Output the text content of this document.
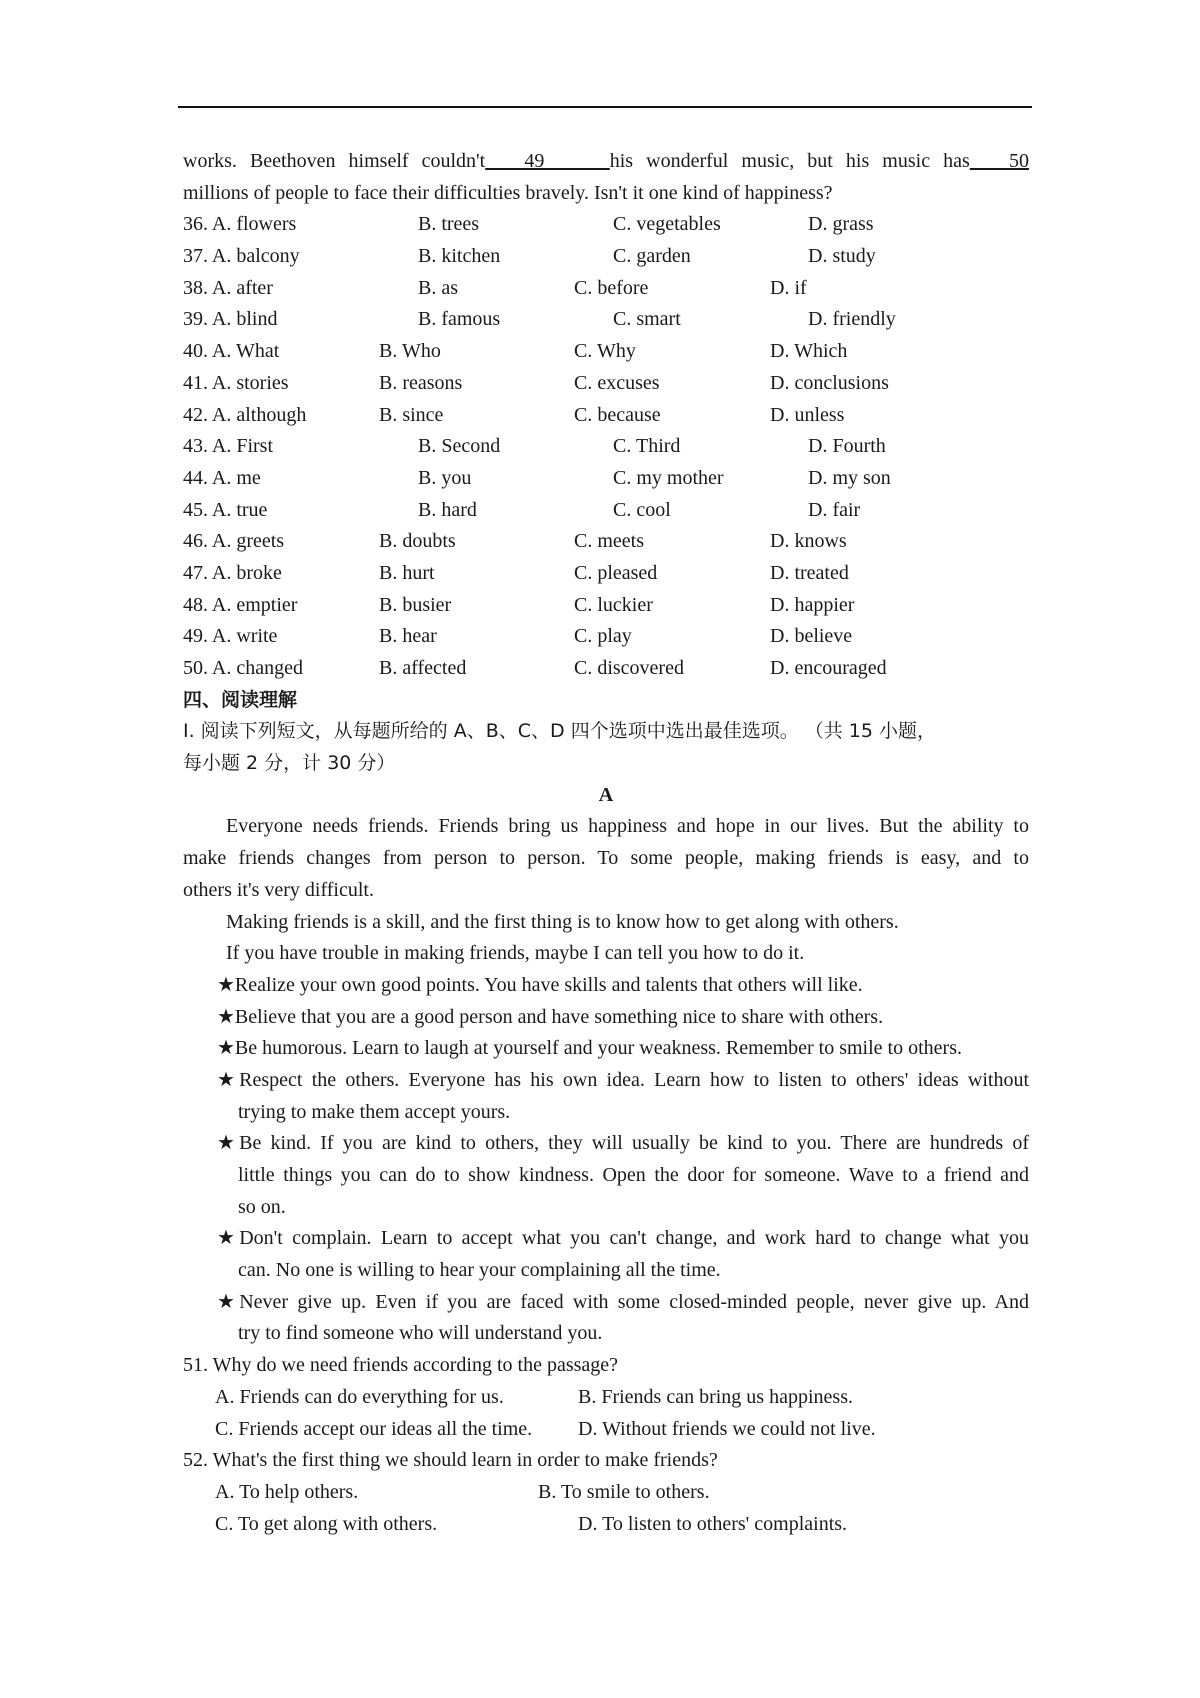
works. Beethoven himself couldn't   49     his wonderful music, but his music has   50
millions of people to face their difficulties bravely. Isn't it one kind of happiness?
36. A. flowers	B. trees	C. vegetables	D. grass
37. A. balcony	B. kitchen	C. garden	D. study
38. A. after	B. as	C. before	D. if
39. A. blind	B. famous	C. smart	D. friendly
40. A. What	B. Who	C. Why	D. Which
41. A. stories	B. reasons	C. excuses	D. conclusions
42. A. although	B. since	C. because	D. unless
43. A. First	B. Second	C. Third	D. Fourth
44. A. me	B. you	C. my mother	D. my son
45. A. true	B. hard	C. cool	D. fair
46. A. greets	B. doubts	C. meets	D. knows
47. A. broke	B. hurt	C. pleased	D. treated
48. A. emptier	B. busier	C. luckier	D. happier
49. A. write	B. hear	C. play	D. believe
50. A. changed	B. affected	C. discovered	D. encouraged
四、阅读理解
I. 阅读下列短文，从每题所给的 A、B、C、D 四个选项中选出最佳选项。 （共 15 小题，
每小题 2 分，计 30 分）
A
Everyone needs friends. Friends bring us happiness and hope in our lives. But the ability to
make friends changes from person to person. To some people, making friends is easy, and to
others it's very difficult.
Making friends is a skill, and the first thing is to know how to get along with others.
If you have trouble in making friends, maybe I can tell you how to do it.
★Realize your own good points. You have skills and talents that others will like.
★Believe that you are a good person and have something nice to share with others.
★Be humorous. Learn to laugh at yourself and your weakness. Remember to smile to others.
★Respect the others. Everyone has his own idea. Learn how to listen to others' ideas without
trying to make them accept yours.
★Be kind. If you are kind to others, they will usually be kind to you. There are hundreds of
little things you can do to show kindness. Open the door for someone. Wave to a friend and
so on.
★Don't complain. Learn to accept what you can't change, and work hard to change what you
can. No one is willing to hear your complaining all the time.
★Never give up. Even if you are faced with some closed-minded people, never give up. And
try to find someone who will understand you.
51. Why do we need friends according to the passage?
A. Friends can do everything for us.	B. Friends can bring us happiness.
C. Friends accept our ideas all the time. D. Without friends we could not live.
52. What's the first thing we should learn in order to make friends?
A. To help others.	B. To smile to others.
C. To get along with others.	D. To listen to others' complaints.
